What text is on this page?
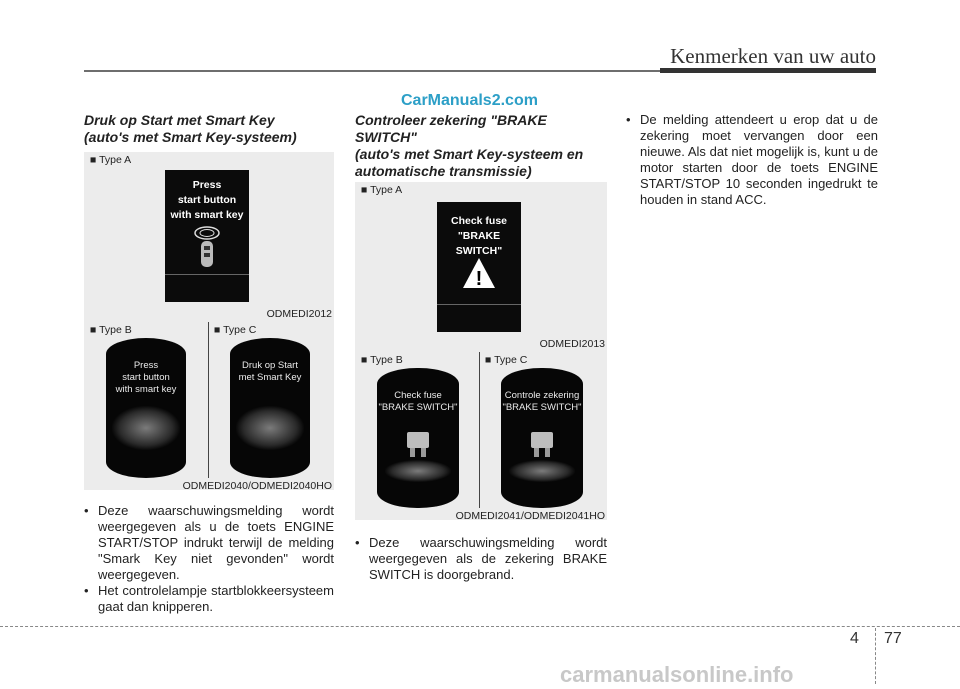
Kenmerken van uw auto
CarManuals2.com
Druk op Start met Smart Key
(auto's met Smart Key-systeem)
■ Type A
Press
start button
with smart key
ODMEDI2012
■ Type B	■ Type C
Press
start button
with smart key
Druk op Start
met Smart Key
ODMEDI2040/ODMEDI2040HO

• Deze waarschuwingsmelding wordt weergegeven als u de toets ENGINE START/STOP indrukt terwijl de melding "Smark Key niet gevonden" wordt weergegeven.

• Het controlelampje startblokkeersysteem gaat dan knipperen.

Controleer zekering "BRAKE
SWITCH"
(auto's met Smart Key-systeem en
automatische transmissie)
■ Type A
Check fuse
"BRAKE SWITCH"
!
ODMEDI2013
■ Type B	■ Type C
Check fuse
"BRAKE SWITCH"
Controle zekering
"BRAKE SWITCH"
ODMEDI2041/ODMEDI2041HO

• Deze waarschuwingsmelding wordt weergegeven als de zekering BRAKE SWITCH is doorgebrand.

• De melding attendeert u erop dat u de zekering moet vervangen door een nieuwe. Als dat niet mogelijk is, kunt u de motor starten door de toets ENGINE START/STOP 10 seconden ingedrukt te houden in stand ACC.

4 77
carmanualsonline.info
